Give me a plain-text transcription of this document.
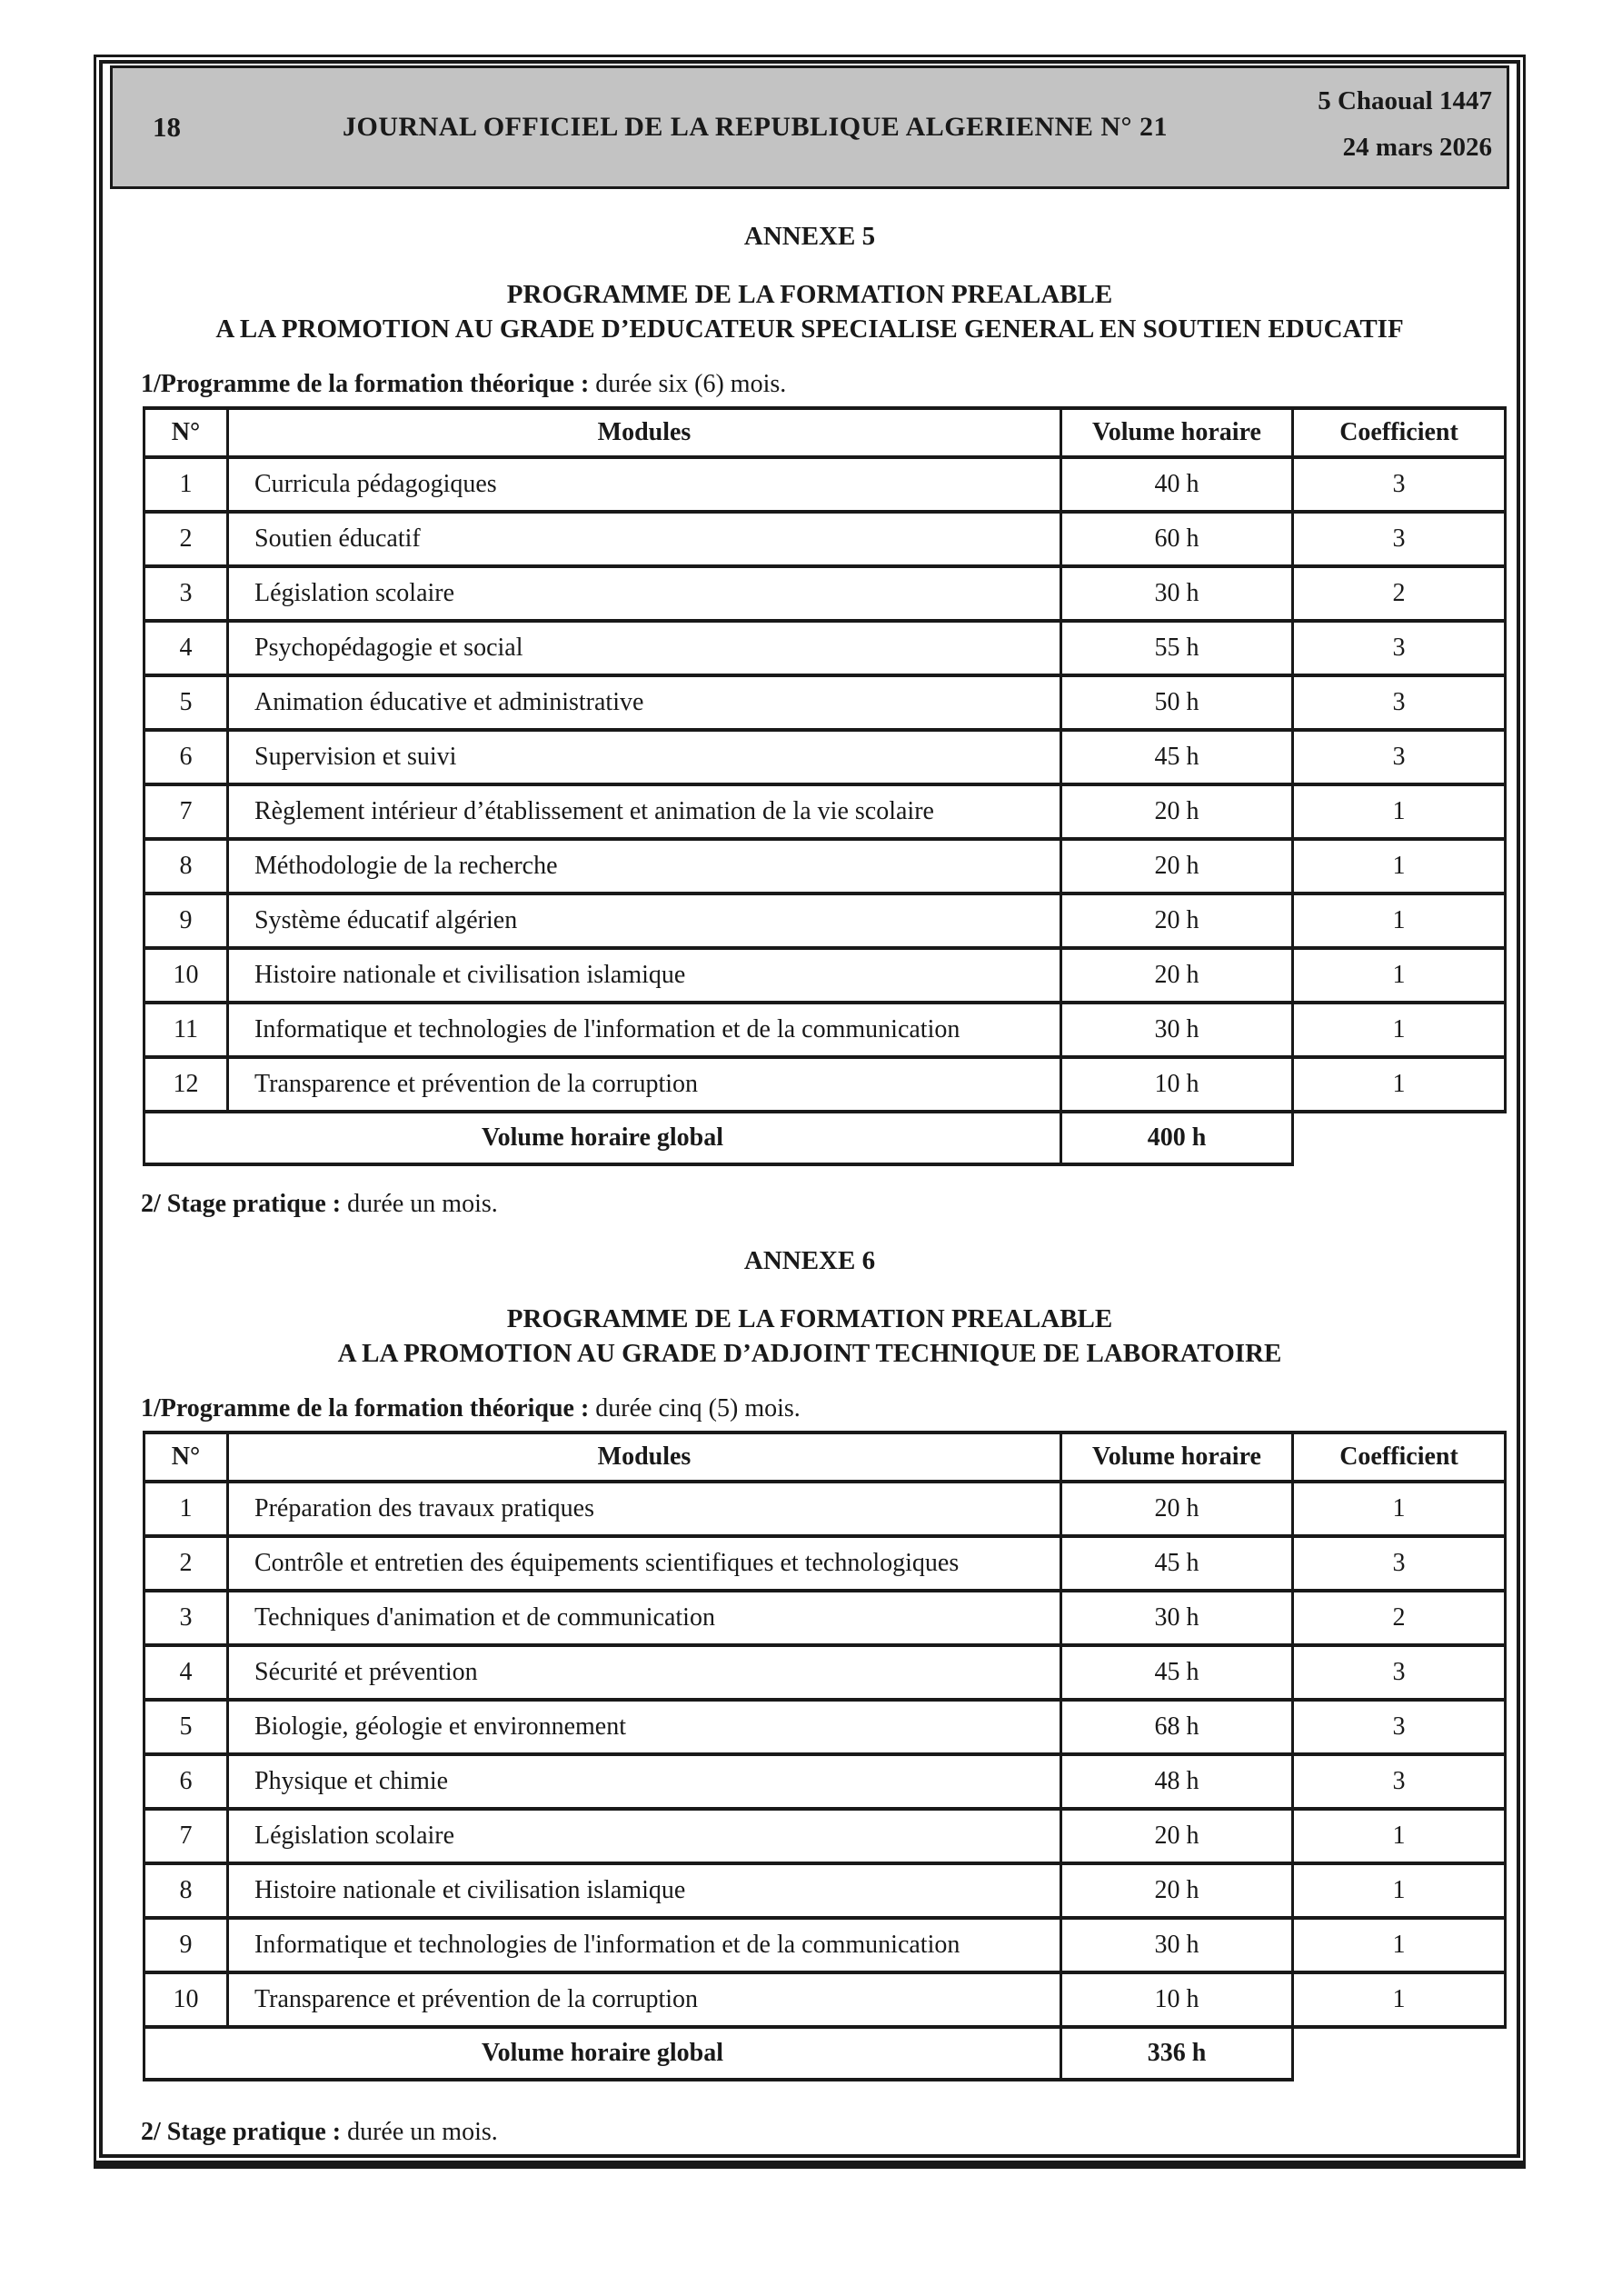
18	JOURNAL OFFICIEL DE LA REPUBLIQUE ALGERIENNE N° 21
5 Chaoual 1447
24 mars 2026
ANNEXE 5
PROGRAMME DE LA FORMATION PREALABLE
A LA PROMOTION AU GRADE D’EDUCATEUR SPECIALISE GENERAL EN SOUTIEN EDUCATIF
1/Programme de la formation théorique : durée six (6) mois.
N°	Modules	Volume horaire	Coefficient
1	Curricula pédagogiques	40 h	3
2	Soutien éducatif	60 h	3
3	Législation scolaire	30 h	2
4	Psychopédagogie et social	55 h	3
5	Animation éducative et administrative	50 h	3
6	Supervision et suivi	45 h	3
7	Règlement intérieur d’établissement et animation de la vie scolaire	20 h	1
8	Méthodologie de la recherche	20 h	1
9	Système éducatif algérien	20 h	1
10	Histoire nationale et civilisation islamique	20 h	1
11	Informatique et technologies de l'information et de la communication	30 h	1
12	Transparence et prévention de la corruption	10 h	1
Volume horaire global		400 h	
2/ Stage pratique : durée un mois.
ANNEXE 6
PROGRAMME DE LA FORMATION PREALABLE
A LA PROMOTION AU GRADE D’ADJOINT TECHNIQUE DE LABORATOIRE
1/Programme de la formation théorique : durée cinq (5) mois.
N°	Modules	Volume horaire	Coefficient
1	Préparation des travaux pratiques	20 h	1
2	Contrôle et entretien des équipements scientifiques et technologiques	45 h	3
3	Techniques d'animation et de communication	30 h	2
4	Sécurité et prévention	45 h	3
5	Biologie, géologie et environnement	68 h	3
6	Physique et chimie	48 h	3
7	Législation scolaire	20 h	1
8	Histoire nationale et civilisation islamique	20 h	1
9	Informatique et technologies de l'information et de la communication	30 h	1
10	Transparence et prévention de la corruption	10 h	1
Volume horaire global		336 h	
2/ Stage pratique : durée un mois.
